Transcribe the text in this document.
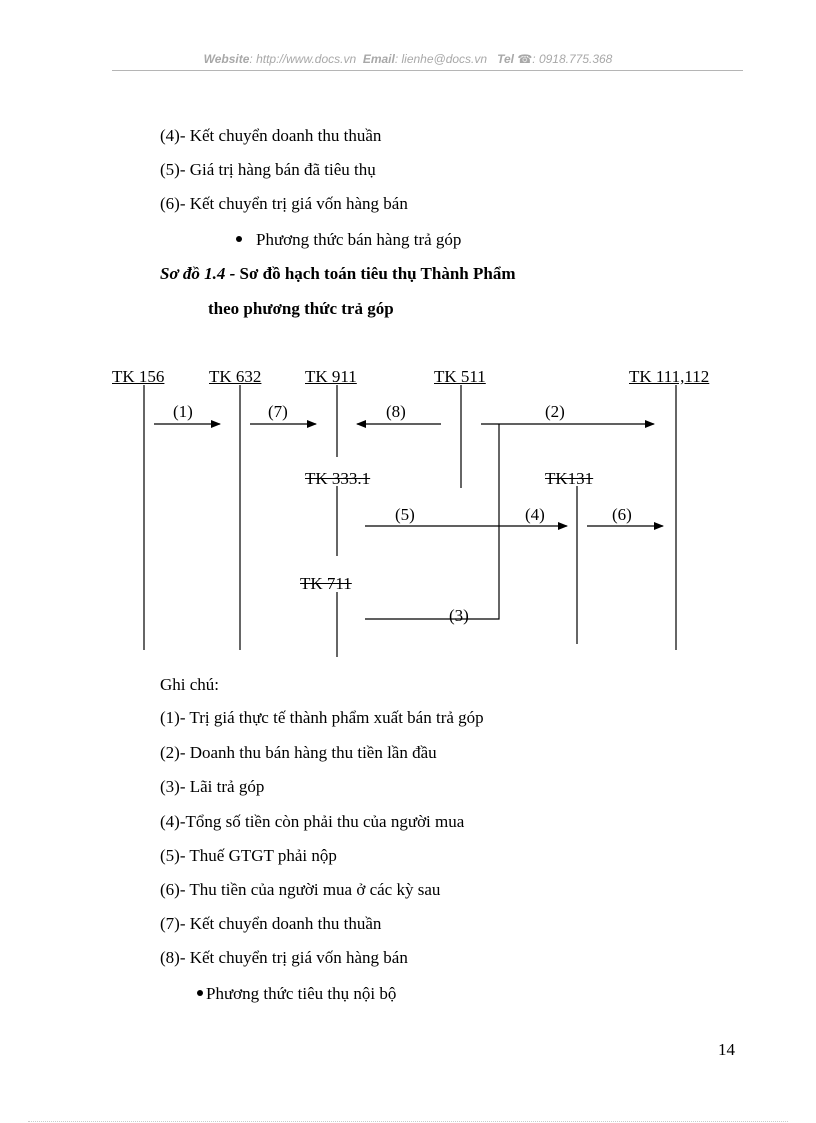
Website: http://www.docs.vn Email: lienhe@docs.vn Tel ☎: 0918.775.368
(4)- Kết chuyển doanh thu thuần
(5)- Giá trị hàng bán đã tiêu thụ
(6)- Kết chuyển trị giá vốn hàng bán
Phương thức bán hàng trả góp
Sơ đồ 1.4 - Sơ đồ hạch toán tiêu thụ Thành Phẩm
theo phương thức trả góp
TK 156	TK 632	TK 911	TK 511	TK 111,112
TK 333.1	TK131
TK 711
(1)	(7)	(8)	(2)
(5)	(4)	(6)
(3)
Ghi chú:
(1)- Trị giá thực tế thành phẩm xuất bán trả góp
(2)- Doanh thu bán hàng thu tiền lần đầu
(3)- Lãi trả góp
(4)-Tổng số tiền còn phải thu của người mua
(5)- Thuế GTGT phải nộp
(6)- Thu tiền của người mua ở các kỳ sau
(7)- Kết chuyển doanh thu thuần
(8)- Kết chuyển trị giá vốn hàng bán
Phương thức tiêu thụ nội bộ
14
